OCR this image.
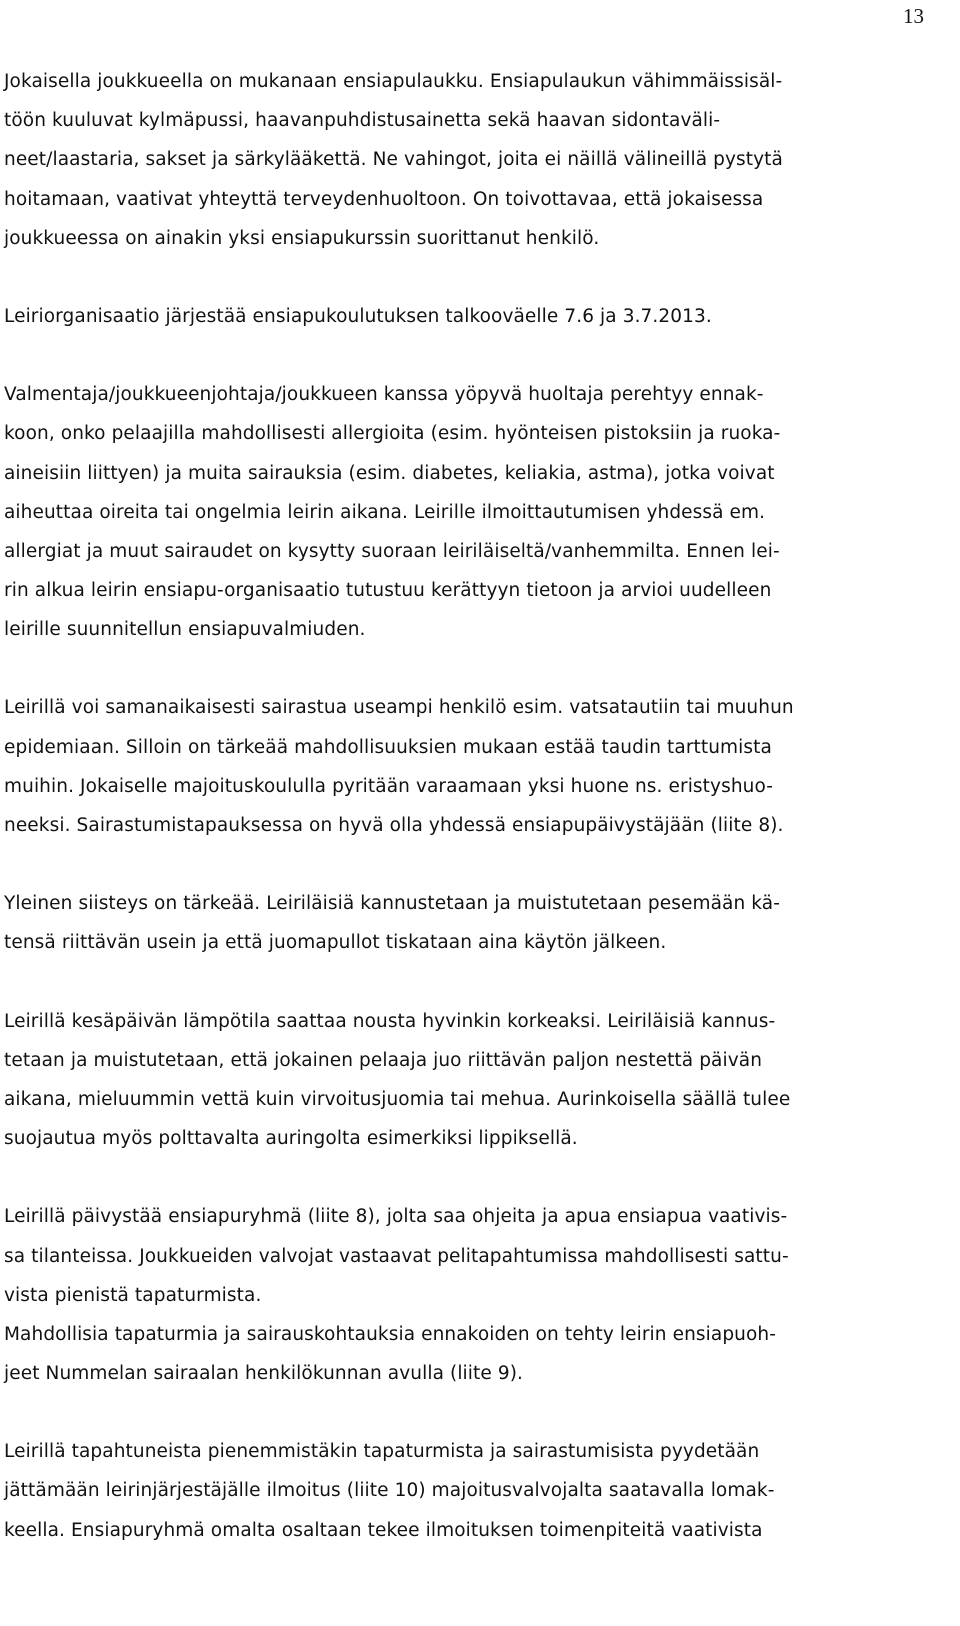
13
Jokaisella joukkueella on mukanaan ensiapulaukku. Ensiapulaukun vähimmäissisäl-
töön kuuluvat kylmäpussi, haavanpuhdistusainetta sekä haavan sidontaväli-
neet/laastaria, sakset ja särkylääkettä. Ne vahingot, joita ei näillä välineillä pystytä
hoitamaan, vaativat yhteyttä terveydenhuoltoon. On toivottavaa, että jokaisessa
joukkueessa on ainakin yksi ensiapukurssin suorittanut henkilö.
Leiriorganisaatio järjestää ensiapukoulutuksen talkooväelle 7.6 ja 3.7.2013.
Valmentaja/joukkueenjohtaja/joukkueen kanssa yöpyvä huoltaja perehtyy ennak-
koon, onko pelaajilla mahdollisesti allergioita (esim. hyönteisen pistoksiin ja ruoka-
aineisiin liittyen) ja muita sairauksia (esim. diabetes, keliakia, astma), jotka voivat
aiheuttaa oireita tai ongelmia leirin aikana. Leirille ilmoittautumisen yhdessä em.
allergiat ja muut sairaudet on kysytty suoraan leiriläiseltä/vanhemmilta. Ennen lei-
rin alkua leirin ensiapu-organisaatio tutustuu kerättyyn tietoon ja arvioi uudelleen
leirille suunnitellun ensiapuvalmiuden.
Leirillä voi samanaikaisesti sairastua useampi henkilö esim. vatsatautiin tai muuhun
epidemiaan. Silloin on tärkeää mahdollisuuksien mukaan estää taudin tarttumista
muihin. Jokaiselle majoituskoululla pyritään varaamaan yksi huone ns. eristyshuo-
neeksi. Sairastumistapauksessa on hyvä olla yhdessä ensiapupäivystäjään (liite 8).
Yleinen siisteys on tärkeää. Leiriläisiä kannustetaan ja muistutetaan pesemään kä-
tensä riittävän usein ja että juomapullot tiskataan aina käytön jälkeen.
Leirillä kesäpäivän lämpötila saattaa nousta hyvinkin korkeaksi. Leiriläisiä kannus-
tetaan ja muistutetaan, että jokainen pelaaja juo riittävän paljon nestettä päivän
aikana, mieluummin vettä kuin virvoitusjuomia tai mehua. Aurinkoisella säällä tulee
suojautua myös polttavalta auringolta esimerkiksi lippiksellä.
Leirillä päivystää ensiapuryhmä (liite 8), jolta saa ohjeita ja apua ensiapua vaativis-
sa tilanteissa. Joukkueiden valvojat vastaavat pelitapahtumissa mahdollisesti sattu-
vista pienistä tapaturmista.
Mahdollisia tapaturmia ja sairauskohtauksia ennakoiden on tehty leirin ensiapuoh-
jeet Nummelan sairaalan henkilökunnan avulla (liite 9).
Leirillä tapahtuneista pienemmistäkin tapaturmista ja sairastumisista pyydetään
jättämään leirinjärjestäjälle ilmoitus (liite 10) majoitusvalvojalta saatavalla lomak-
keella. Ensiapuryhmä omalta osaltaan tekee ilmoituksen toimenpiteitä vaativista
